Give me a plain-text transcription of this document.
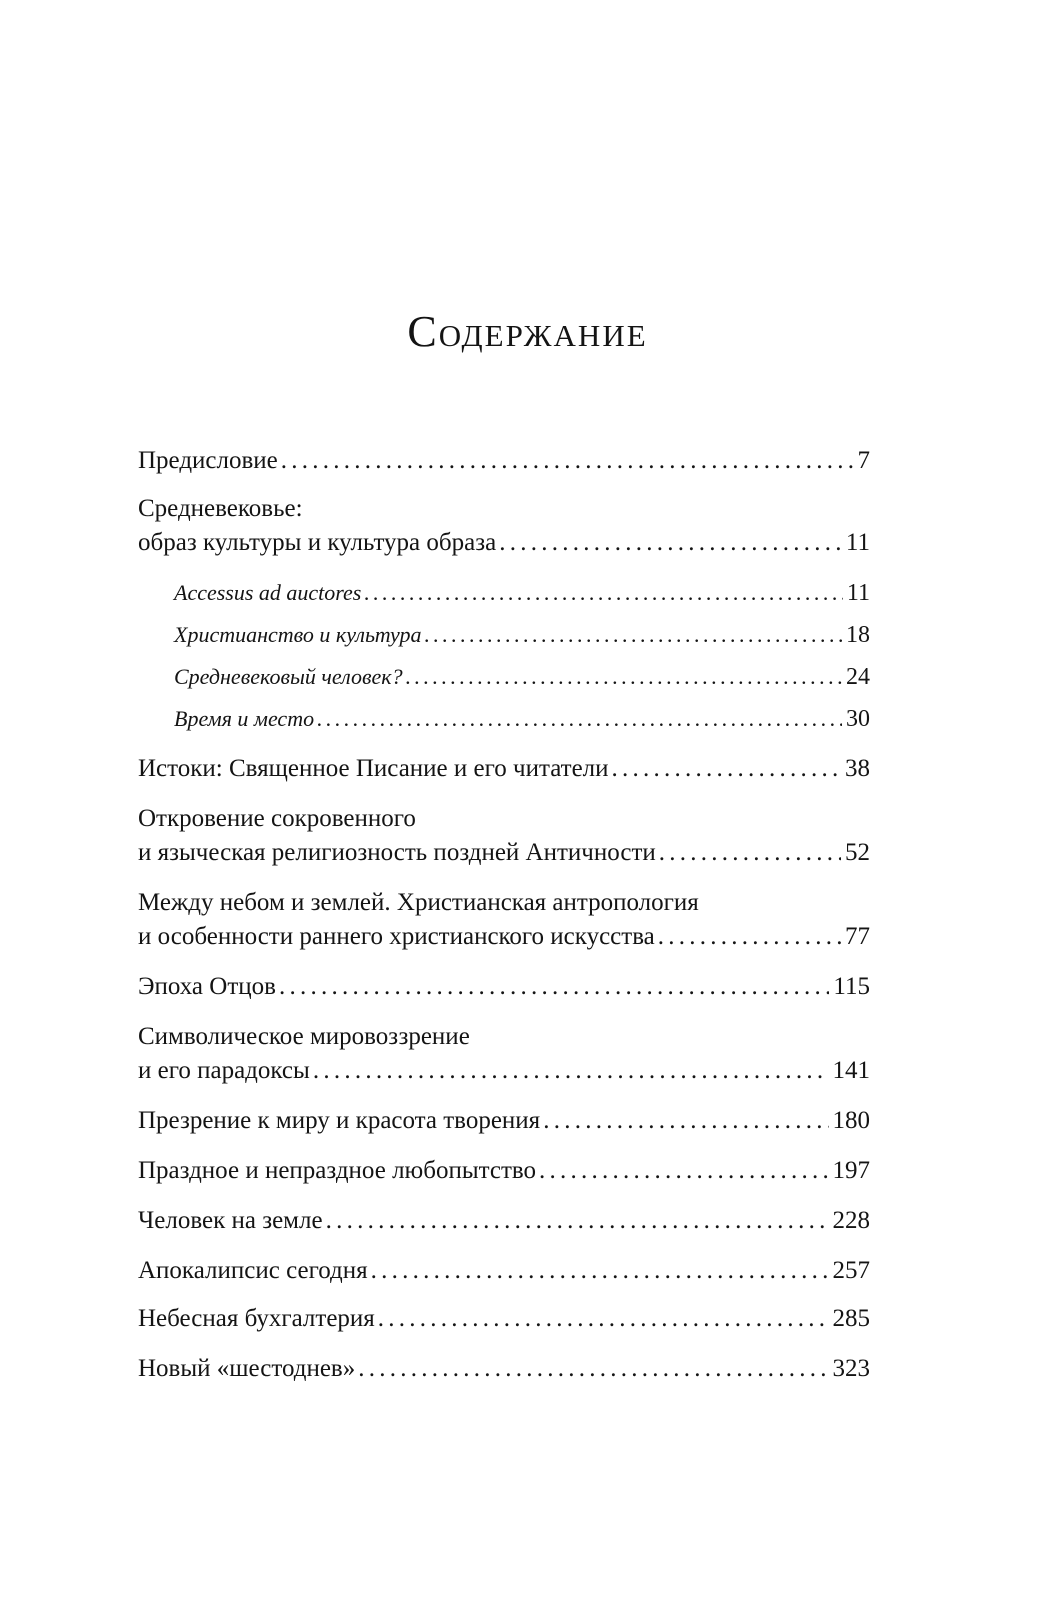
Содержание
Предисловие . . .	7
Средневековье:
образ культуры и культура образа . . .	11
Accessus ad auctores . . .	11
Христианство и культура . . .	18
Средневековый человек? . . .	24
Время и место . . .	30
Истоки: Священное Писание и его читатели . . .	38
Откровение сокровенного
и языческая религиозность поздней Античности . . .	52
Между небом и землей. Христианская антропология
и особенности раннего христианского искусства . . .	77
Эпоха Отцов . . .	115
Символическое мировоззрение
и его парадоксы . . .	141
Презрение к миру и красота творения . . .	180
Праздное и непраздное любопытство . . .	197
Человек на земле . . .	228
Апокалипсис сегодня . . .	257
Небесная бухгалтерия . . .	285
Новый «шестоднев» . . .	323
